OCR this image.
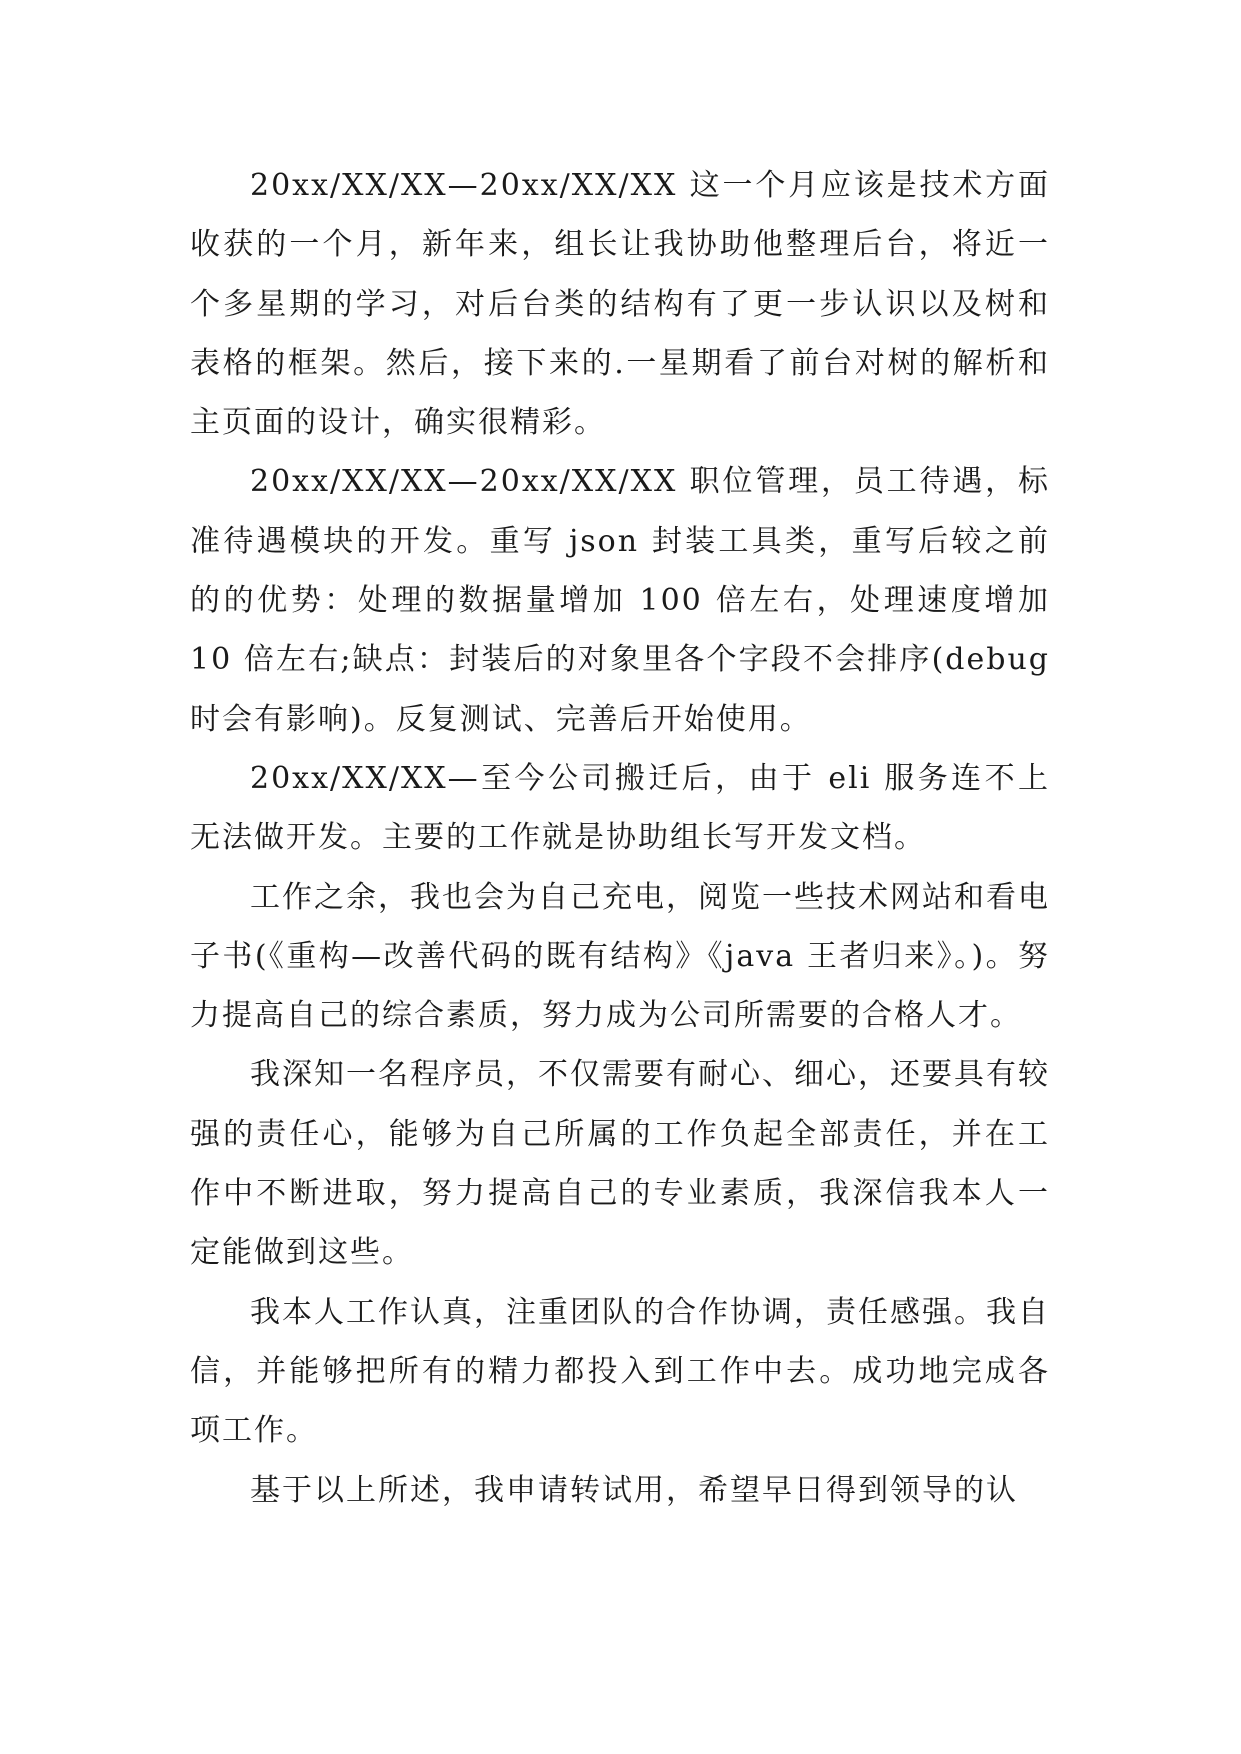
20xx/XX/XX—20xx/XX/XX 这一个月应该是技术方面收获的一个月，新年来，组长让我协助他整理后台，将近一个多星期的学习，对后台类的结构有了更一步认识以及树和表格的框架。然后，接下来的.一星期看了前台对树的解析和主页面的设计，确实很精彩。

20xx/XX/XX—20xx/XX/XX 职位管理，员工待遇，标准待遇模块的开发。重写 json 封装工具类，重写后较之前的的优势：处理的数据量增加 100 倍左右，处理速度增加 10 倍左右;缺点：封装后的对象里各个字段不会排序(debug 时会有影响)。反复测试、完善后开始使用。

20xx/XX/XX—至今公司搬迁后，由于 eli 服务连不上无法做开发。主要的工作就是协助组长写开发文档。

工作之余，我也会为自己充电，阅览一些技术网站和看电子书(《重构—改善代码的既有结构》《java 王者归来》。)。努力提高自己的综合素质，努力成为公司所需要的合格人才。

我深知一名程序员，不仅需要有耐心、细心，还要具有较强的责任心，能够为自己所属的工作负起全部责任，并在工作中不断进取，努力提高自己的专业素质，我深信我本人一定能做到这些。

我本人工作认真，注重团队的合作协调，责任感强。我自信，并能够把所有的精力都投入到工作中去。成功地完成各项工作。

基于以上所述，我申请转试用，希望早日得到领导的认
